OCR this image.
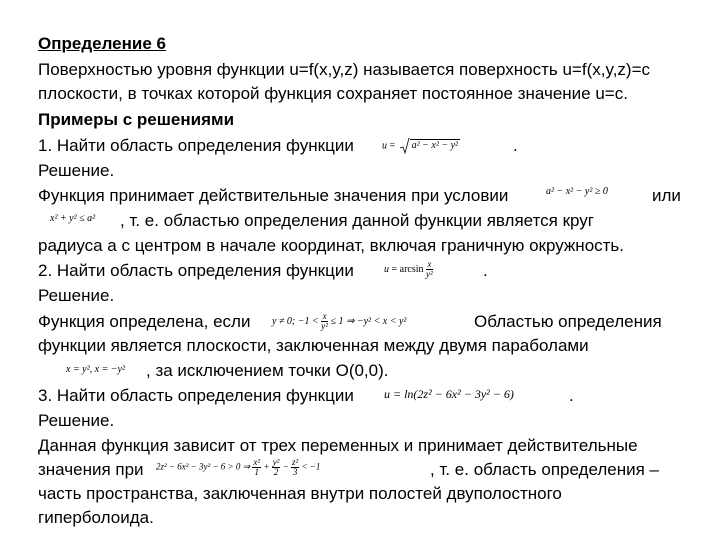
Определение 6
Поверхностью уровня функции u=f(x,y,z) называется поверхность u=f(x,y,z)=c
плоскости, в точках которой функция сохраняет постоянное значение u=c.
Примеры с решениями
1. Найти область определения функции
Решение.
Функция принимает действительные значения при условии
, т. е. областью определения данной функции является круг
радиуса a с центром в начале координат, включая граничную окружность.
2. Найти область определения функции
Решение.
Функция определена, если	Областью определения
функции является плоскости, заключенная между двумя параболами
, за исключением точки O(0,0).
3. Найти область определения функции
Решение.
Данная функция зависит от трех переменных и принимает действительные
значения при	, т. е. область определения –
часть пространства, заключенная внутри полостей двуполостного
гиперболоида.
.
или
.
.
u = a² − x² − y²
a² − x² − y² ≥ 0
x² + y² ≤ a²
$u = \arcsin \frac{x}{\text{y²}}$
y ≠ 0; $-1 < \frac{x}{\text{y²}} \le 1$ ⇒ −y² < x < y²
x = y², x = −y²
u = ln(2z² − 6x² − 3y² − 6)
2z² − 6x² − 3y² − 6 > 0 ⇒ $\frac{\text{x²}}{1} + \frac{\text{y²}}{2} - \frac{\text{z²}}{3} < -1$
